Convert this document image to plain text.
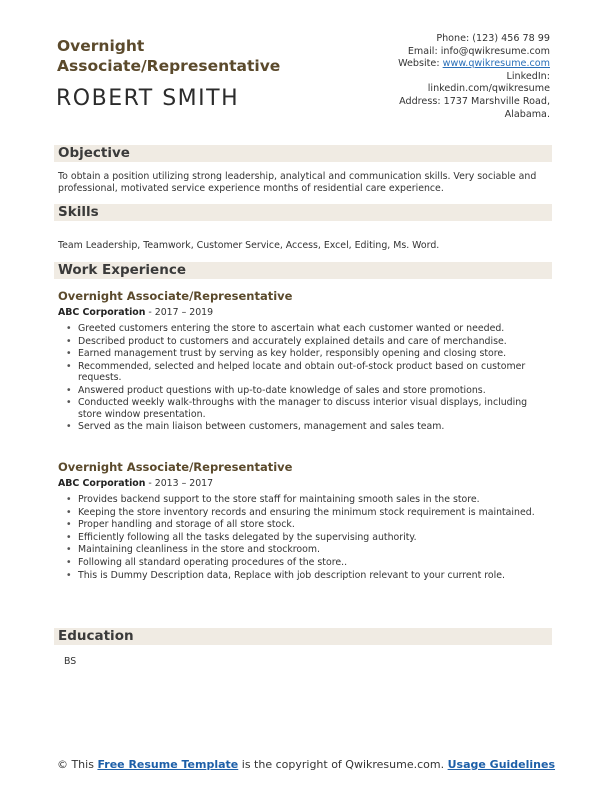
Overnight Associate/Representative
ROBERT SMITH
Phone: (123) 456 78 99
Email: info@qwikresume.com
Website: www.qwikresume.com
LinkedIn:
linkedin.com/qwikresume
Address: 1737 Marshville Road,
Alabama.
Objective
To obtain a position utilizing strong leadership, analytical and communication skills. Very sociable and professional, motivated service experience months of residential care experience.
Skills
Team Leadership, Teamwork, Customer Service, Access, Excel, Editing, Ms. Word.
Work Experience
Overnight Associate/Representative
ABC Corporation - 2017 – 2019
• Greeted customers entering the store to ascertain what each customer wanted or needed.
• Described product to customers and accurately explained details and care of merchandise.
• Earned management trust by serving as key holder, responsibly opening and closing store.
• Recommended, selected and helped locate and obtain out-of-stock product based on customer requests.
• Answered product questions with up-to-date knowledge of sales and store promotions.
• Conducted weekly walk-throughs with the manager to discuss interior visual displays, including store window presentation.
• Served as the main liaison between customers, management and sales team.
Overnight Associate/Representative
ABC Corporation - 2013 – 2017
• Provides backend support to the store staff for maintaining smooth sales in the store.
• Keeping the store inventory records and ensuring the minimum stock requirement is maintained.
• Proper handling and storage of all store stock.
• Efficiently following all the tasks delegated by the supervising authority.
• Maintaining cleanliness in the store and stockroom.
• Following all standard operating procedures of the store..
• This is Dummy Description data, Replace with job description relevant to your current role.
Education
BS
© This Free Resume Template is the copyright of Qwikresume.com. Usage Guidelines
